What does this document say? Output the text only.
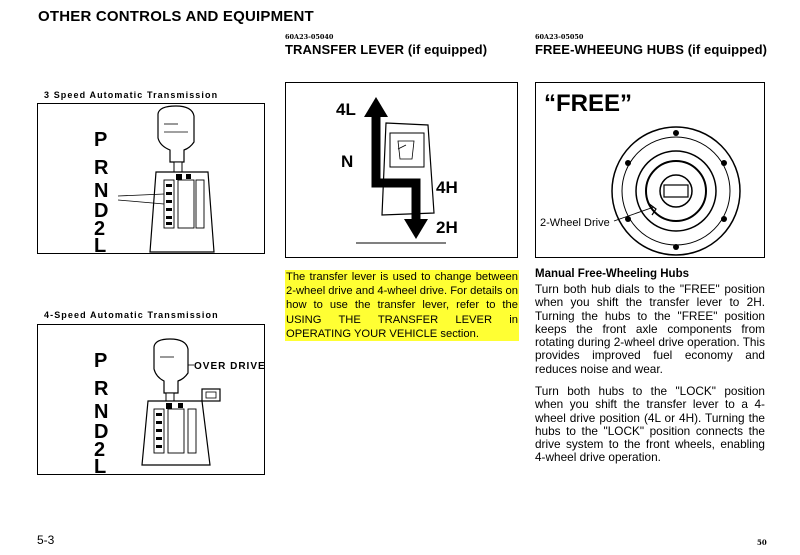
OTHER CONTROLS AND EQUIPMENT
3 Speed Automatic Transmission
P
R
N
D
2
L
4-Speed Automatic Transmission
P
R
N
D
2
L
OVER DRIVE
60A23-05040
TRANSFER LEVER (if equipped)
4L
N
4H
2H
The transfer lever is used to change between 2-wheel drive and 4-wheel drive. For details on how to use the transfer lever, refer to the USING THE TRANSFER LEVER in OPERATING YOUR VEHICLE section.
60A23-05050
FREE-WHEEUNG HUBS (if equipped)
“FREE”
2-Wheel Drive
Manual Free-Wheeling Hubs
Turn both hub dials to the "FREE" position when you shift the transfer lever to 2H. Turning the hubs to the "FREE" position keeps the front axle components from rotating during 2-wheel drive operation. This provides improved fuel economy and reduces noise and wear.
Turn both hubs to the "LOCK" position when you shift the transfer lever to a 4-wheel drive position (4L or 4H). Turning the hubs to the "LOCK" position connects the drive system to the front wheels, enabling 4-wheel drive operation.
5-3	50
